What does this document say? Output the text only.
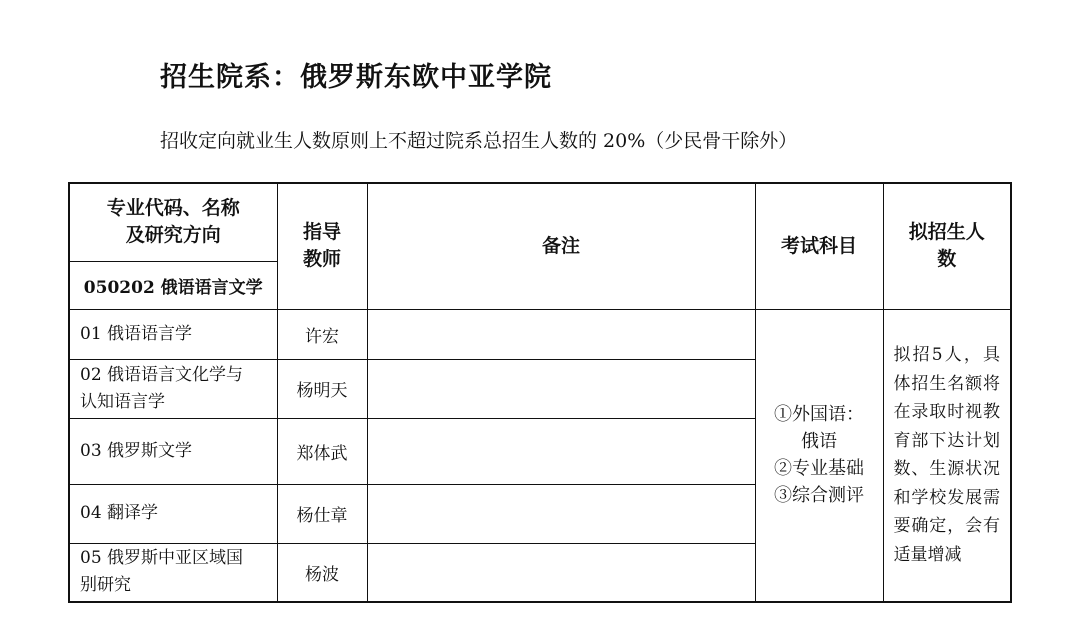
招生院系：俄罗斯东欧中亚学院
招收定向就业生人数原则上不超过院系总招生人数的 20%（少民骨干除外）
专业代码、名称
及研究方向	指导
教师	备注	考试科目	拟招生人
数

050202 俄语语言文学				

01 俄语语言学	许宏		①外国语：
俄语
②专业基础
③综合测评	拟招5人，具体招生名额将在录取时视教育部下达计划数、生源状况和学校发展需要确定，会有适量增减

02 俄语语言文化学与
认知语言学	杨明天			

03 俄罗斯文学	郑体武			

04 翻译学	杨仕章			

05 俄罗斯中亚区域国
别研究	杨波			
